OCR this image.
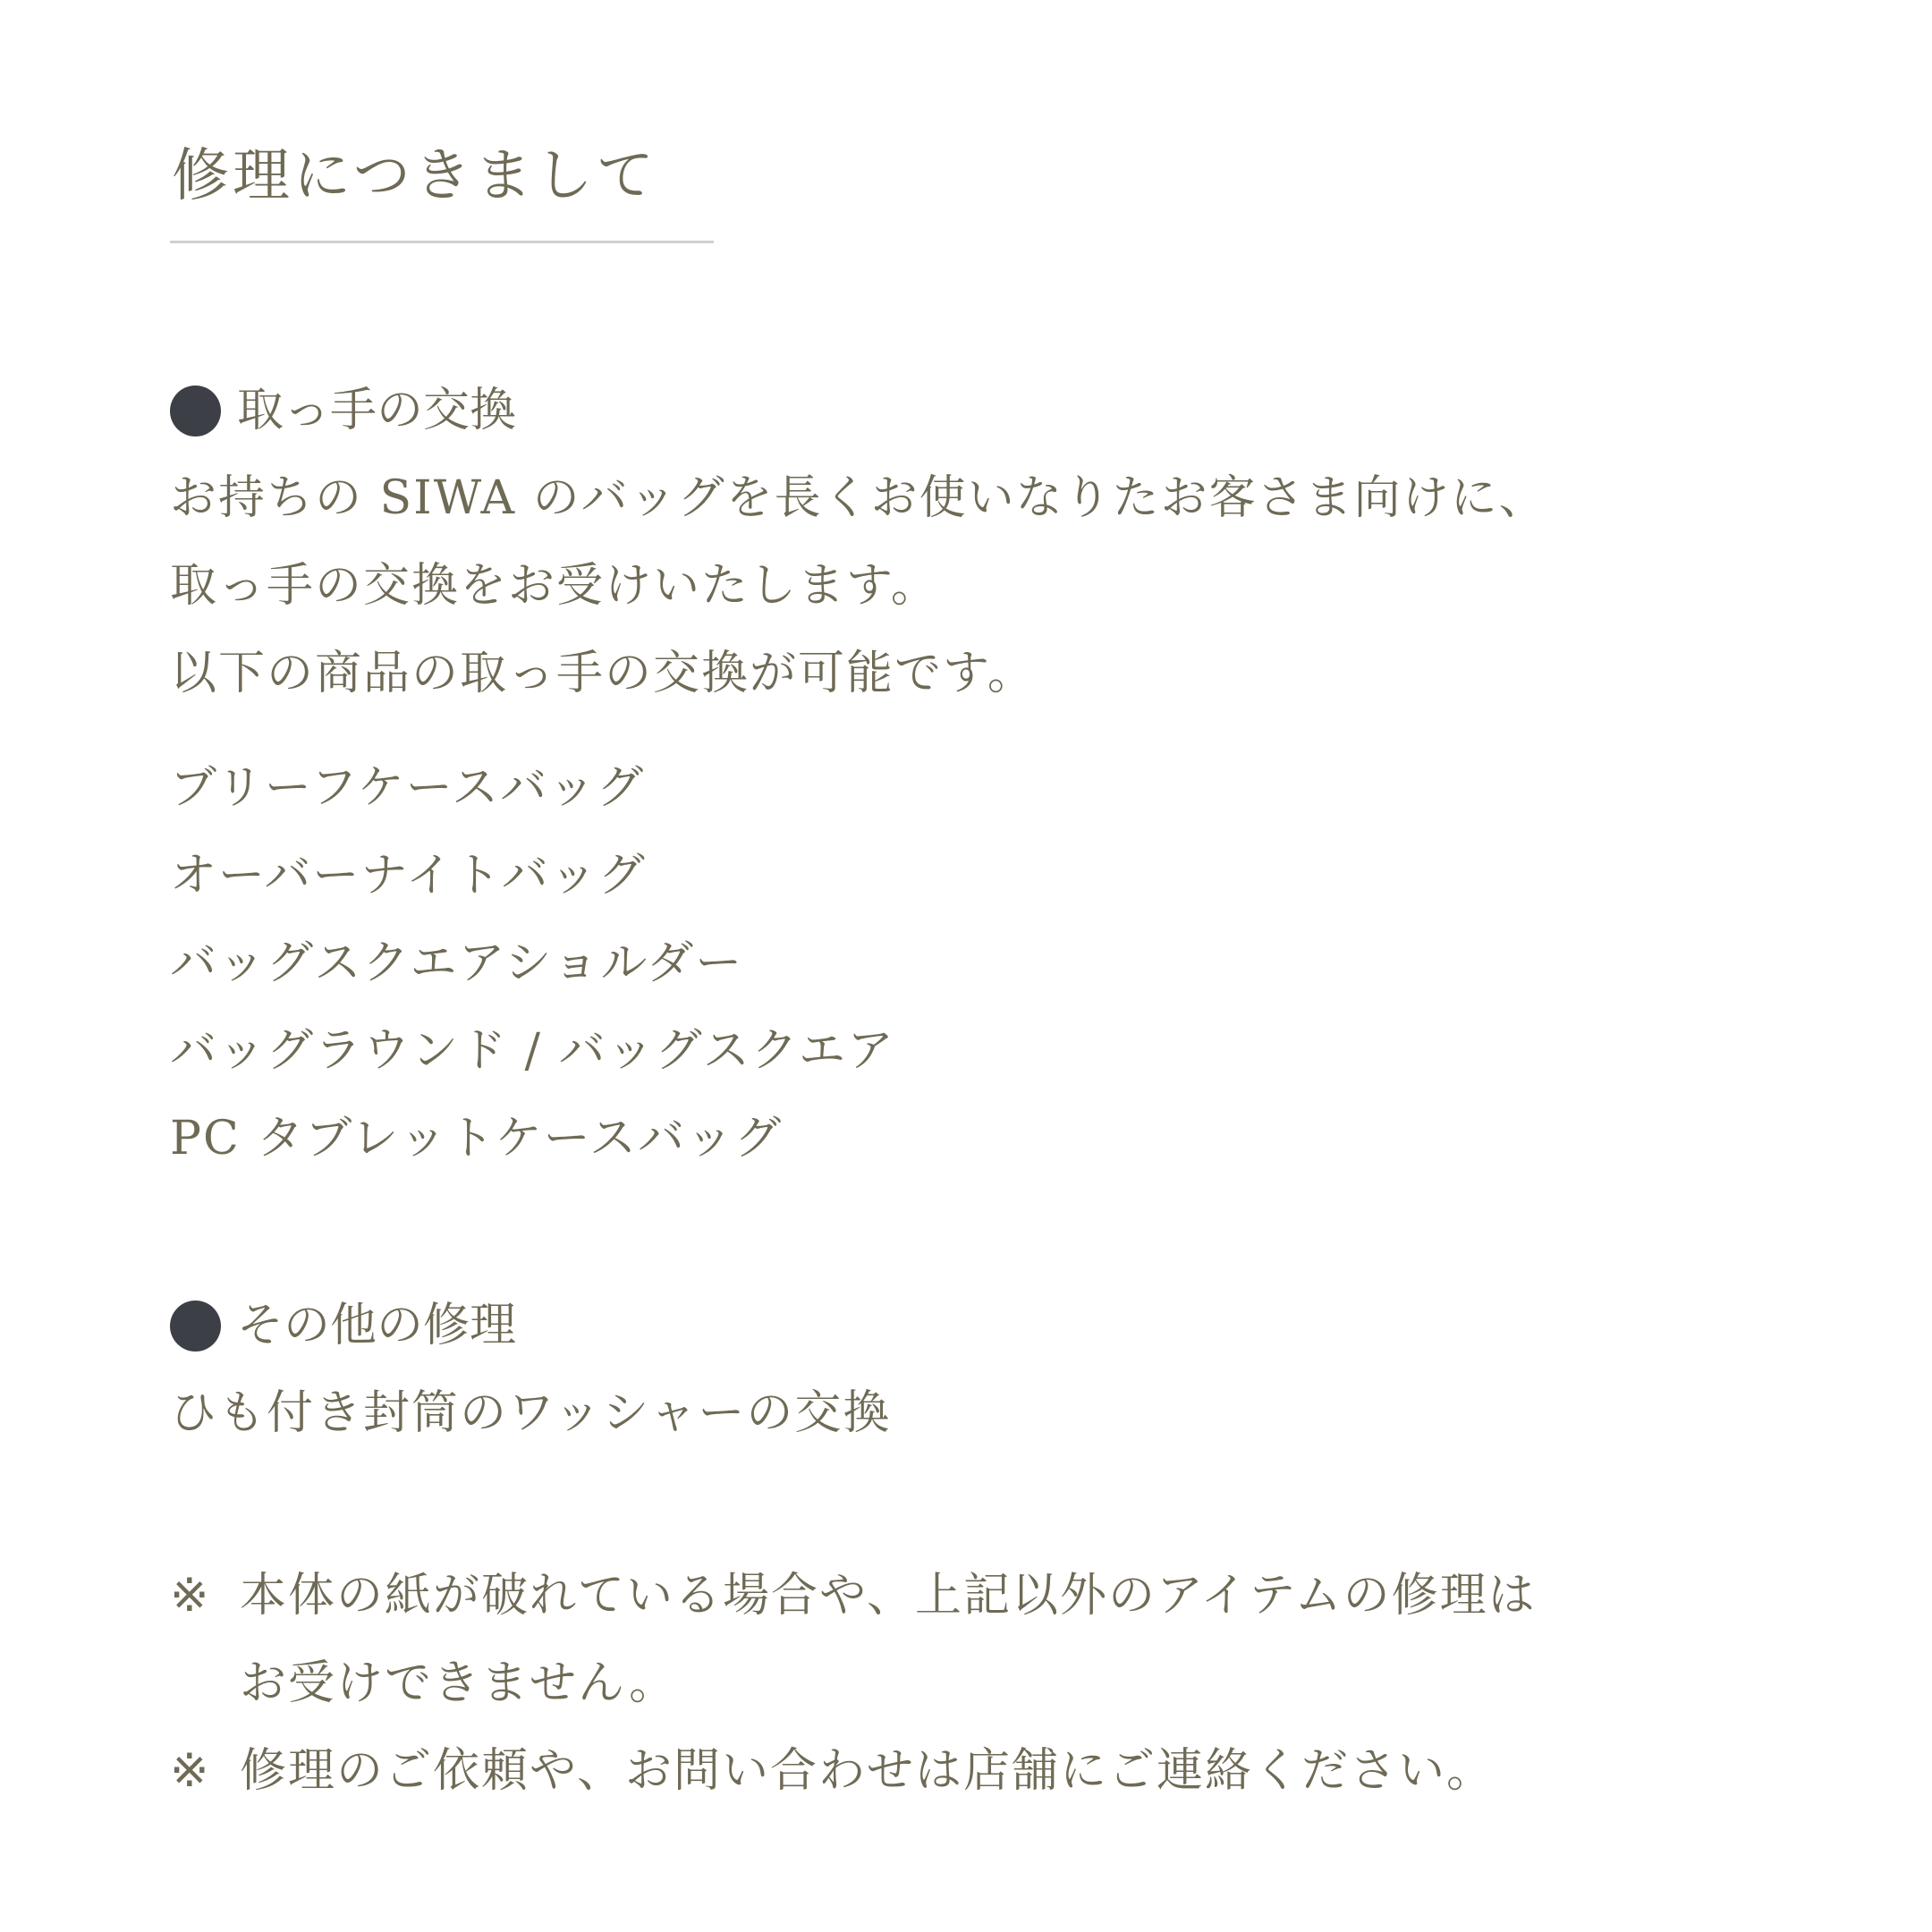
修理につきまして
取っ手の交換
お持ちの SIWA のバッグを長くお使いなりたお客さま向けに、
取っ手の交換をお受けいたします。
以下の商品の取っ手の交換が可能です。
ブリーフケースバッグ
オーバーナイトバッグ
バッグスクエアショルダー
バッグラウンド / バッグスクエア
PC タブレットケースバッグ
その他の修理
ひも付き封筒のワッシャーの交換
※ 本体の紙が破れている場合や、上記以外のアイテムの修理は
お受けできません。
※ 修理のご依頼や、お問い合わせは店舗にご連絡ください。
